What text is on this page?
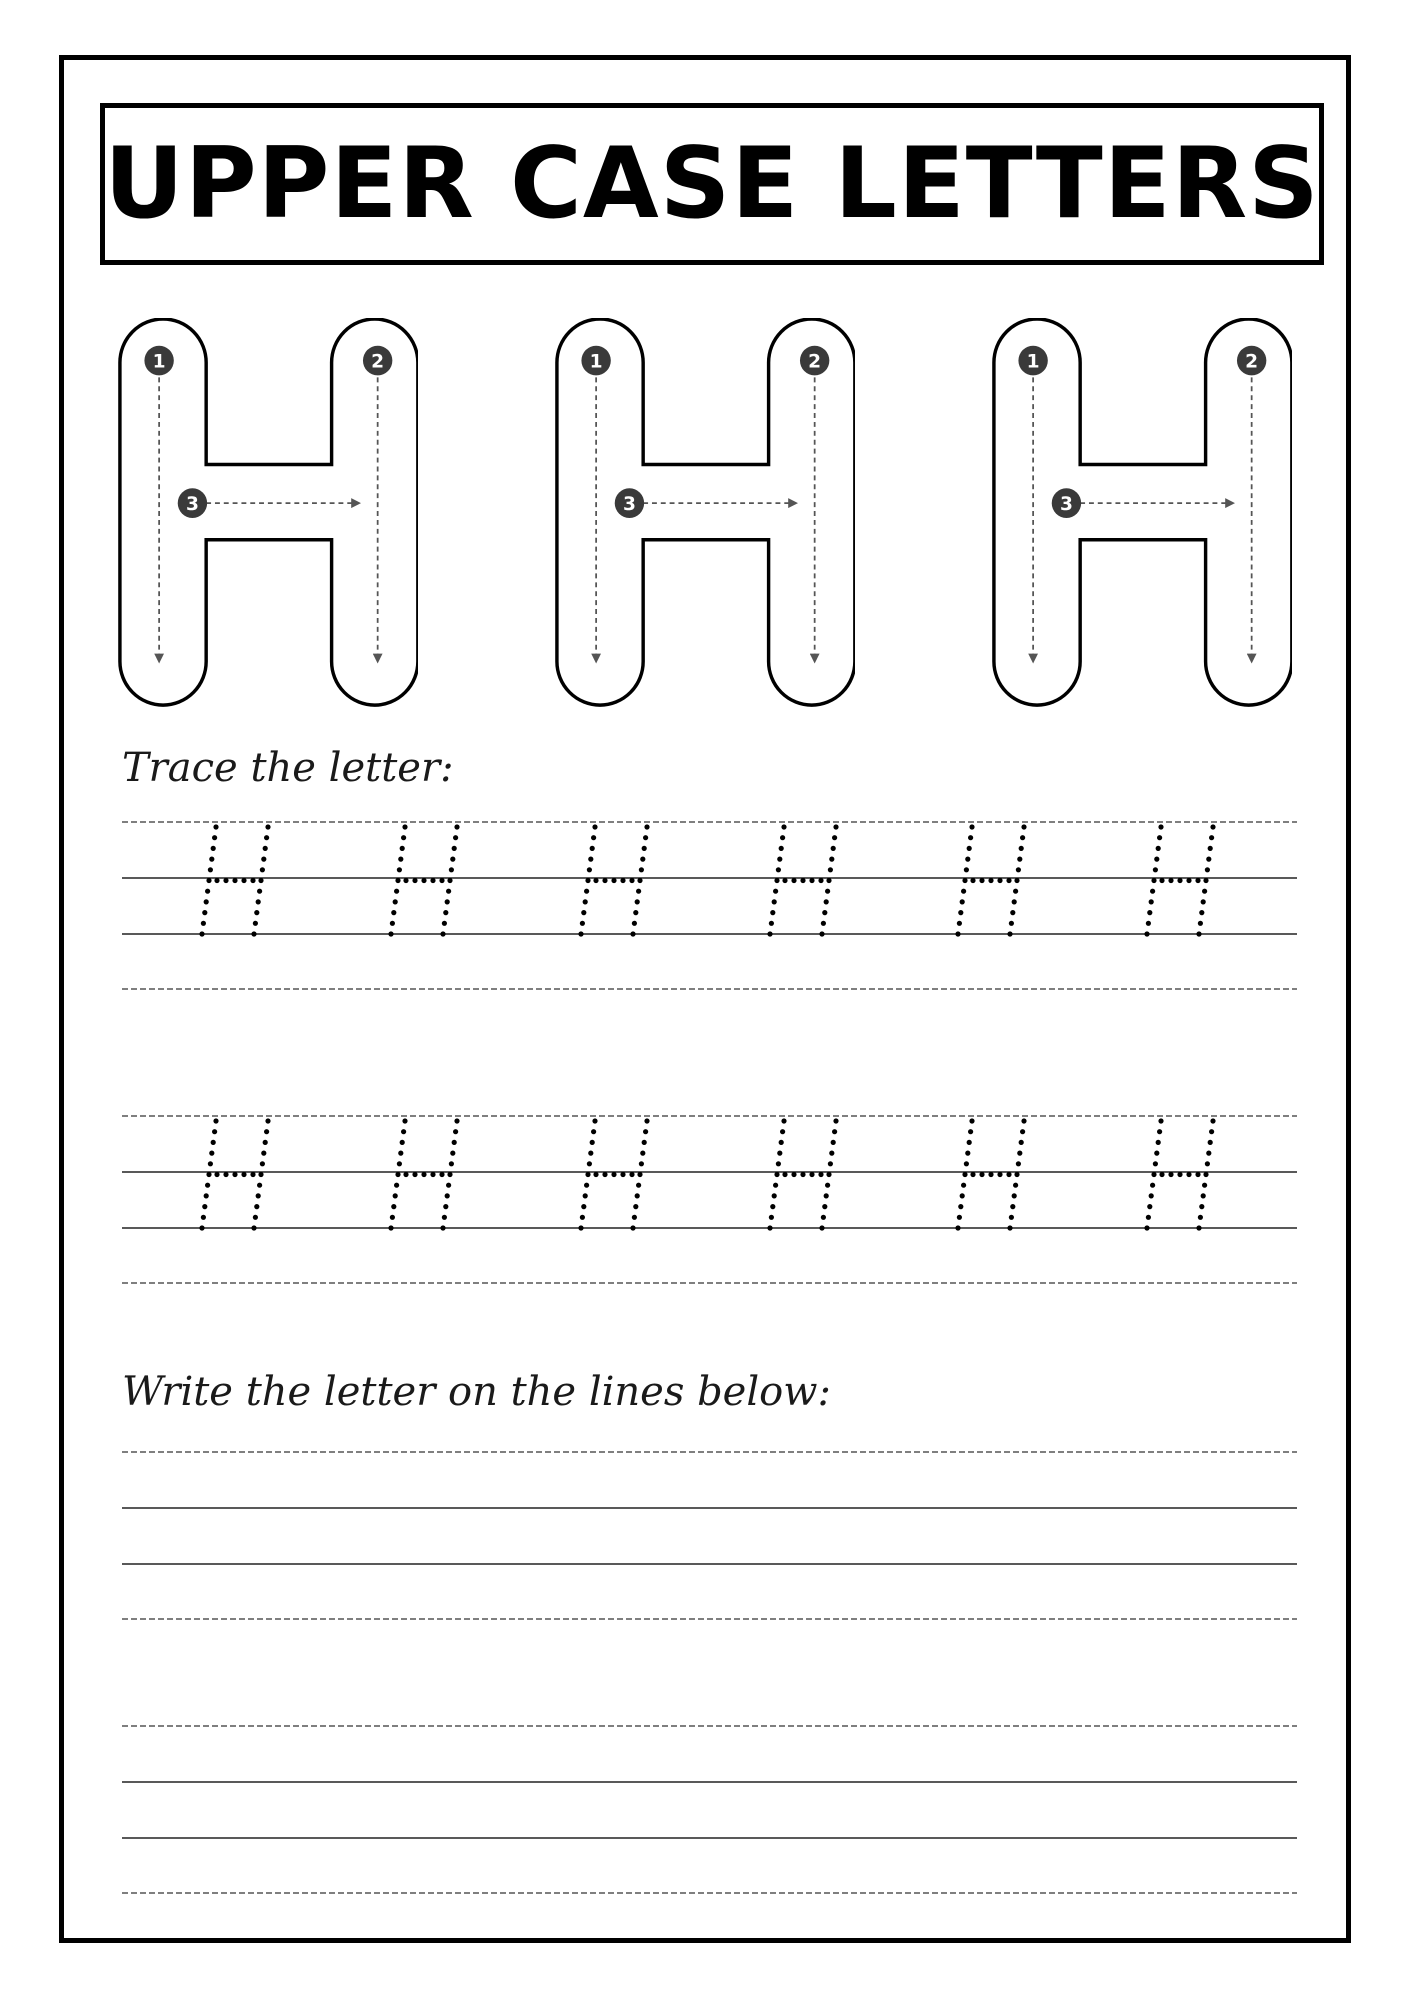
UPPER CASE LETTERS
1	2
3
1	2
3
1	2
3
Trace the letter:
Write the letter on the lines below:
